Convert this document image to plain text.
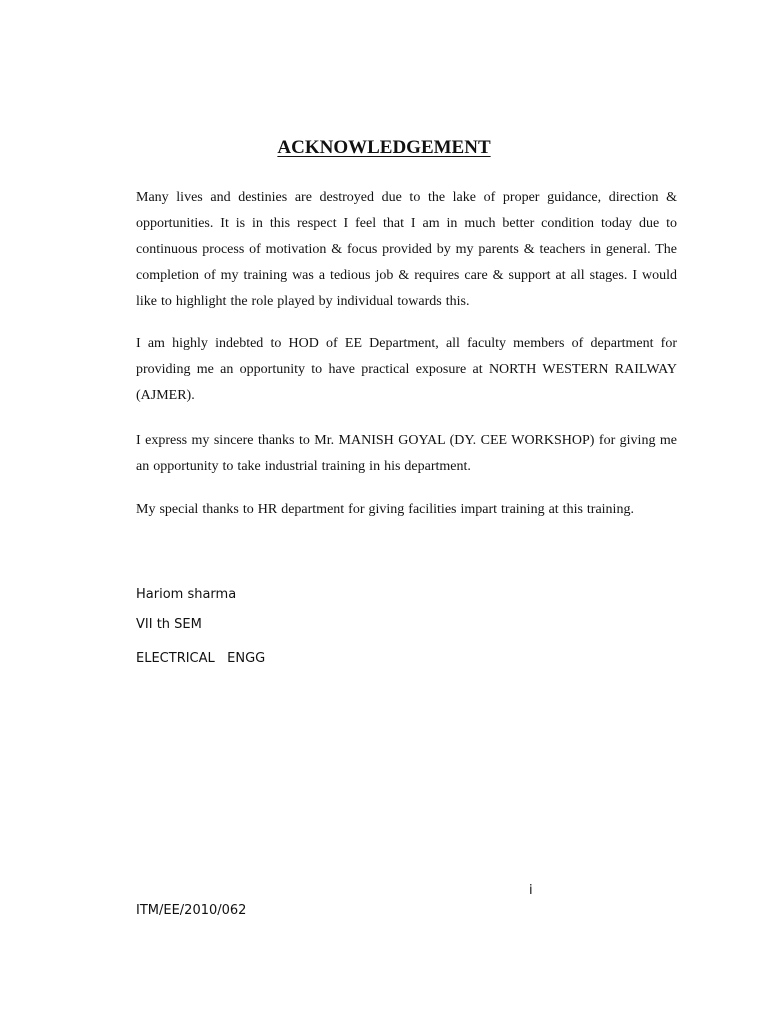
ACKNOWLEDGEMENT

Many lives and destinies are destroyed due to the lake of proper guidance, direction & opportunities. It is in this respect I feel that I am in much better condition today due to continuous process of motivation & focus provided by my parents & teachers in general. The completion of my training was a tedious job & requires care & support at all stages. I would like to highlight the role played by individual towards this.

I am highly indebted to HOD of EE Department, all faculty members of department for providing me an opportunity to have practical exposure at NORTH WESTERN RAILWAY (AJMER).

I express my sincere thanks to Mr. MANISH GOYAL (DY. CEE WORKSHOP) for giving me an opportunity to take industrial training in his department.

My special thanks to HR department for giving facilities impart training at this training.

Hariom sharma

VII th SEM

ELECTRICAL   ENGG

i

ITM/EE/2010/062
